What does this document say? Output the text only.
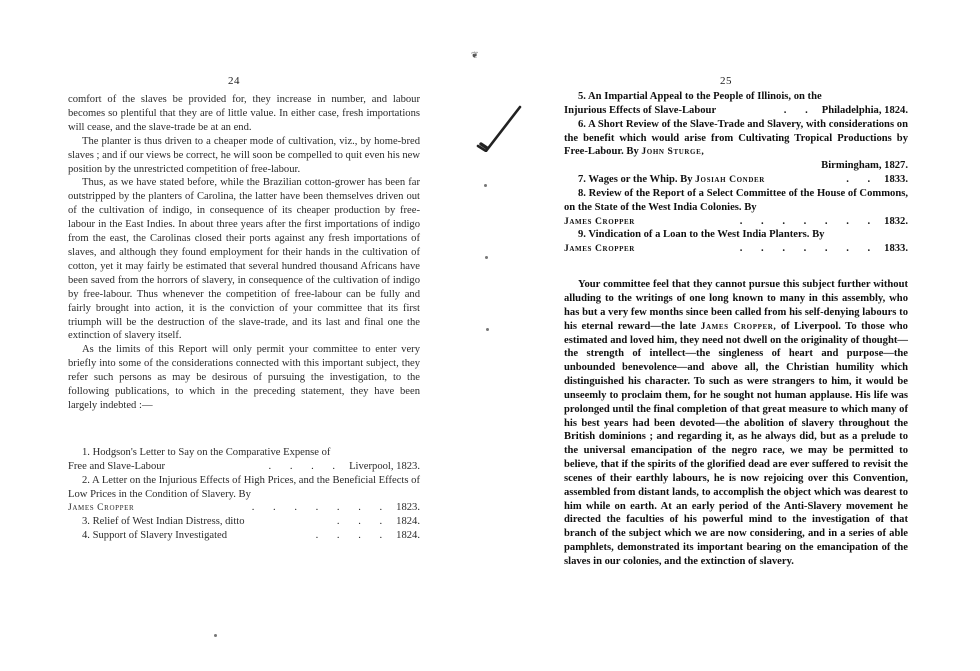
❦
24

comfort of the slaves be provided for, they increase in number, and labour becomes so plentiful that they are of little value. In either case, fresh importations will cease, and the slave-trade be at an end.

The planter is thus driven to a cheaper mode of cultivation, viz., by home-bred slaves ; and if our views be correct, he will soon be compelled to quit even his new position by the unrestricted competition of free-labour.

Thus, as we have stated before, while the Brazilian cotton-grower has been far outstripped by the planters of Carolina, the latter have been themselves driven out of the cultivation of indigo, in consequence of its cheaper production by free-labour in the East Indies. In about three years after the first importations of indigo from the east, the Carolinas closed their ports against any fresh importations of slaves, and although they found employment for their hands in the cultivation of cotton, yet it may fairly be estimated that several hundred thousand Africans have been saved from the horrors of slavery, in consequence of the cultivation of indigo by free-labour. Thus whenever the competition of free-labour can be fully and fairly brought into action, it is the conviction of your committee that its first triumph will be the destruction of the slave-trade, and its last and final one the extinction of slavery itself.

As the limits of this Report will only permit your committee to enter very briefly into some of the considerations connected with this important subject, they refer such persons as may be desirous of pursuing the investigation, to the following publications, to which in the preceding statement, they have been largely indebted :—

1. Hodgson's Letter to Say on the Comparative Expense of

Free and Slave-Labour	. . . . Liverpool, 1823.

2. A Letter on the Injurious Effects of High Prices, and the Beneficial Effects of Low Prices in the Condition of Slavery. By

James Cropper	. . . . . . . 1823.
3. Relief of West Indian Distress, ditto	. . . 1824.
4. Support of Slavery Investigated	. . . . 1824.
25

5. An Impartial Appeal to the People of Illinois, on the

Injurious Effects of Slave-Labour	. . Philadelphia, 1824.

6. A Short Review of the Slave-Trade and Slavery, with considerations on the benefit which would arise from Cultivating Tropical Productions by Free-Labour. By John Sturge,

Birmingham, 1827.

7. Wages or the Whip. By Josiah Conder	. . 1833.

8. Review of the Report of a Select Committee of the House of Commons, on the State of the West India Colonies. By

James Cropper	. . . . . . . 1832.

9. Vindication of a Loan to the West India Planters. By

James Cropper	. . . . . . . 1833.

Your committee feel that they cannot pursue this subject further without alluding to the writings of one long known to many in this assembly, who has but a very few months since been called from his self-denying labours to his eternal reward—the late James Cropper, of Liverpool. To those who estimated and loved him, they need not dwell on the originality of thought—the strength of intellect—the singleness of heart and purpose—the unbounded benevolence—and above all, the Christian humility which distinguished his character. To such as were strangers to him, it would be unseemly to proclaim them, for he sought not human applause. His life was prolonged until the final completion of that great measure to which many of his best years had been devoted—the abolition of slavery throughout the British dominions ; and regarding it, as he always did, but as a prelude to the universal emancipation of the negro race, we may be permitted to believe, that if the spirits of the glorified dead are ever suffered to revisit the scenes of their earthly labours, he is now rejoicing over this Convention, assembled from distant lands, to accomplish the object which was dearest to him while on earth. At an early period of the Anti-Slavery movement he directed the faculties of his powerful mind to the investigation of that branch of the subject which we are now considering, and in a series of able pamphlets, demonstrated its important bearing on the emancipation of the slaves in our colonies, and the extinction of slavery.
